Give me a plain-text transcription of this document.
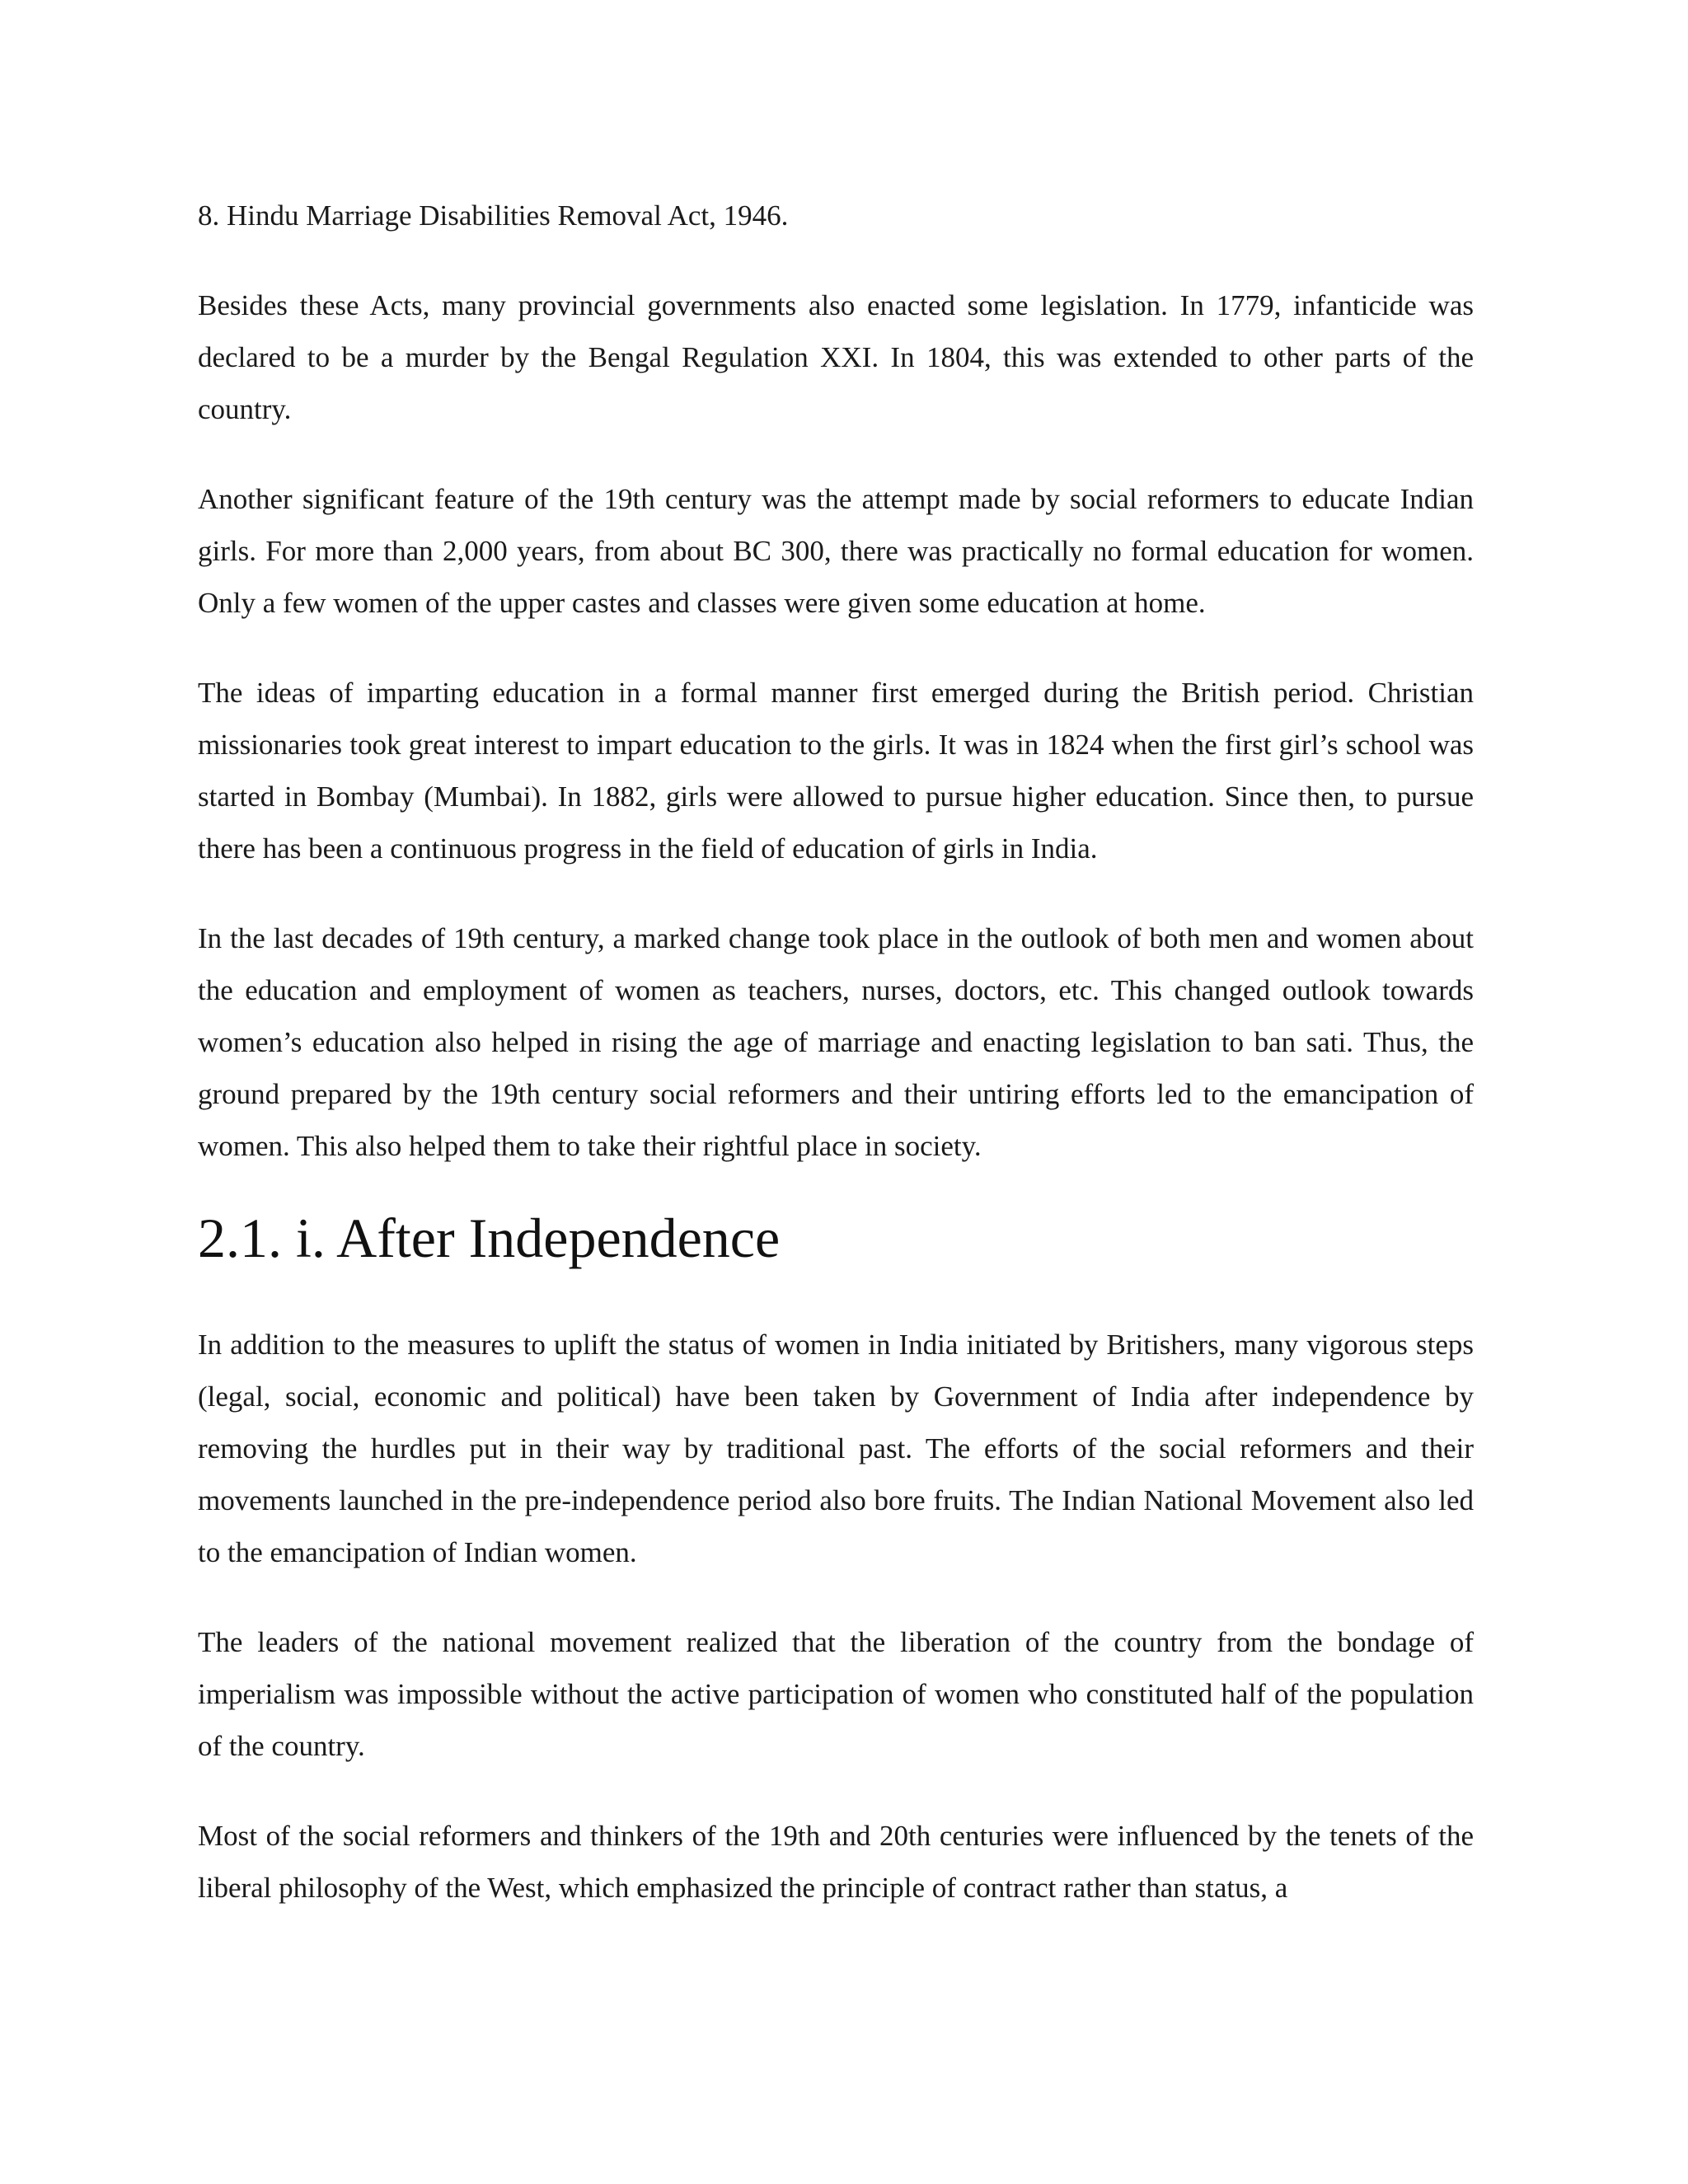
8. Hindu Marriage Disabilities Removal Act, 1946.

Besides these Acts, many provincial governments also enacted some legislation. In 1779, infanticide was declared to be a murder by the Bengal Regulation XXI. In 1804, this was extended to other parts of the country.

Another significant feature of the 19th century was the attempt made by social reformers to educate Indian girls. For more than 2,000 years, from about BC 300, there was practically no formal education for women. Only a few women of the upper castes and classes were given some education at home.

The ideas of imparting education in a formal manner first emerged during the British period. Christian missionaries took great interest to impart education to the girls. It was in 1824 when the first girl’s school was started in Bombay (Mumbai). In 1882, girls were allowed to pursue higher education. Since then, to pursue there has been a continuous progress in the field of education of girls in India.

In the last decades of 19th century, a marked change took place in the outlook of both men and women about the education and employment of women as teachers, nurses, doctors, etc. This changed outlook towards women’s education also helped in rising the age of marriage and enacting legislation to ban sati. Thus, the ground prepared by the 19th century social reformers and their untiring efforts led to the emancipation of women. This also helped them to take their rightful place in society.

2.1. i. After Independence

In addition to the measures to uplift the status of women in India initiated by Britishers, many vigorous steps (legal, social, economic and political) have been taken by Government of India after independence by removing the hurdles put in their way by traditional past. The efforts of the social reformers and their movements launched in the pre-independence period also bore fruits. The Indian National Movement also led to the emancipation of Indian women.

The leaders of the national movement realized that the liberation of the country from the bondage of imperialism was impossible without the active participation of women who constituted half of the population of the country.

Most of the social reformers and thinkers of the 19th and 20th centuries were influenced by the tenets of the liberal philosophy of the West, which emphasized the principle of contract rather than status, a
